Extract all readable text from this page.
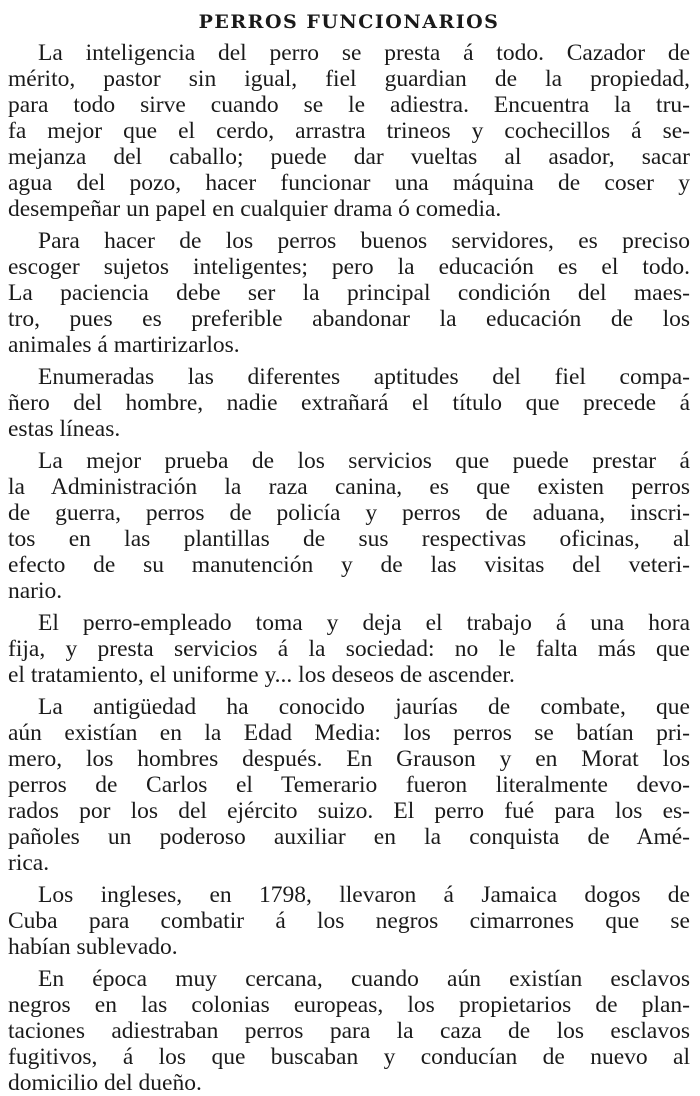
PERROS FUNCIONARIOS
La inteligencia del perro se presta á todo. Cazador de
mérito, pastor sin igual, fiel guardian de la propiedad,
para todo sirve cuando se le adiestra. Encuentra la tru-
fa mejor que el cerdo, arrastra trineos y cochecillos á se-
mejanza del caballo; puede dar vueltas al asador, sacar
agua del pozo, hacer funcionar una máquina de coser y
desempeñar un papel en cualquier drama ó comedia.
Para hacer de los perros buenos servidores, es preciso
escoger sujetos inteligentes; pero la educación es el todo.
La paciencia debe ser la principal condición del maes-
tro, pues es preferible abandonar la educación de los
animales á martirizarlos.
Enumeradas las diferentes aptitudes del fiel compa-
ñero del hombre, nadie extrañará el título que precede á
estas líneas.
La mejor prueba de los servicios que puede prestar á
la Administración la raza canina, es que existen perros
de guerra, perros de policía y perros de aduana, inscri-
tos en las plantillas de sus respectivas oficinas, al
efecto de su manutención y de las visitas del veteri-
nario.
El perro-empleado toma y deja el trabajo á una hora
fija, y presta servicios á la sociedad: no le falta más que
el tratamiento, el uniforme y... los deseos de ascender.
La antigüedad ha conocido jaurías de combate, que
aún existían en la Edad Media: los perros se batían pri-
mero, los hombres después. En Grauson y en Morat los
perros de Carlos el Temerario fueron literalmente devo-
rados por los del ejército suizo. El perro fué para los es-
pañoles un poderoso auxiliar en la conquista de Amé-
rica.
Los ingleses, en 1798, llevaron á Jamaica dogos de
Cuba para combatir á los negros cimarrones que se
habían sublevado.
En época muy cercana, cuando aún existían esclavos
negros en las colonias europeas, los propietarios de plan-
taciones adiestraban perros para la caza de los esclavos
fugitivos, á los que buscaban y conducían de nuevo al
domicilio del dueño.
